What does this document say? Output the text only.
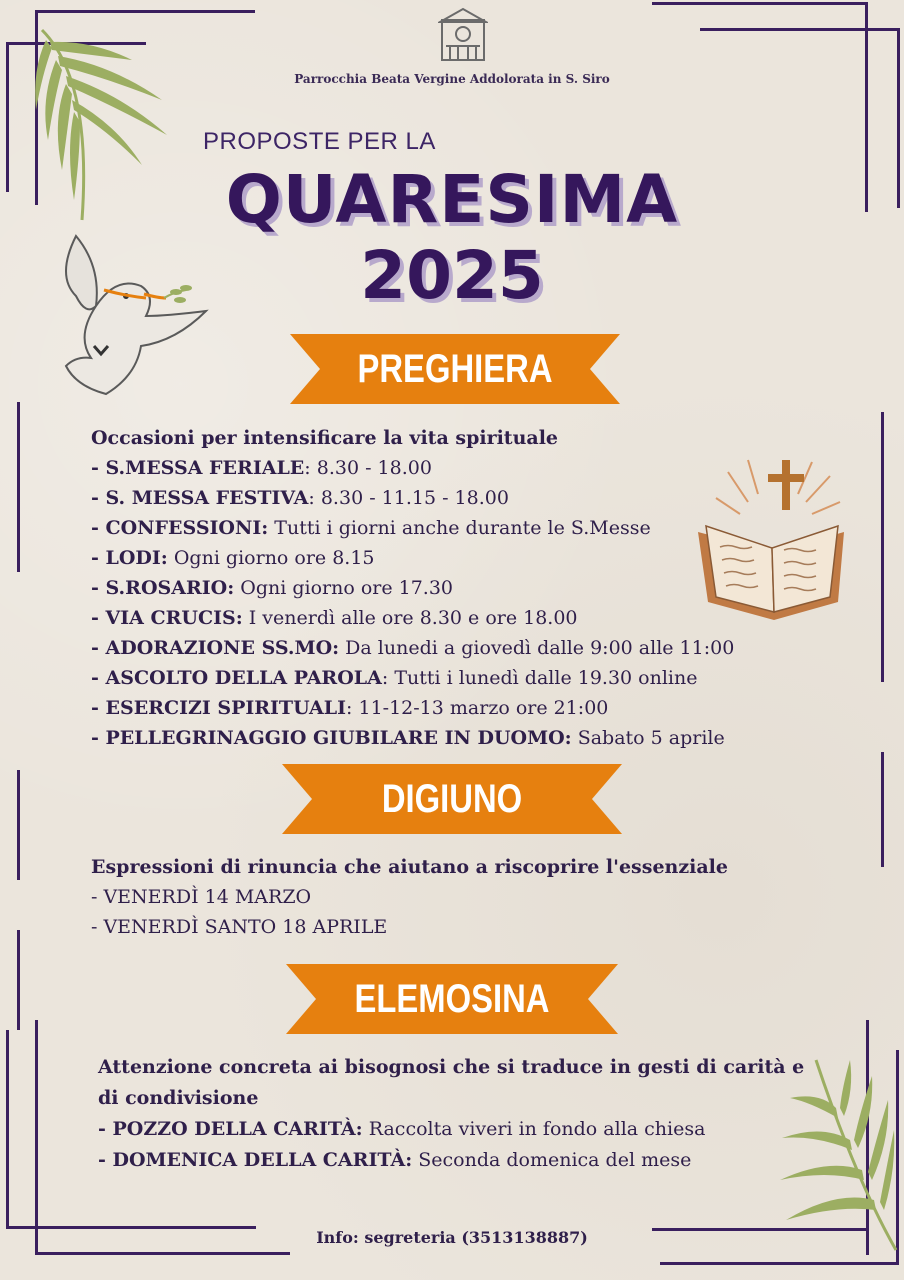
Parrocchia Beata Vergine Addolorata in S. Siro
PROPOSTE PER LA
QUARESIMA
2025
PREGHIERA
Occasioni per intensificare la vita spirituale
- S.MESSA FERIALE: 8.30 - 18.00
- S. MESSA FESTIVA: 8.30 - 11.15 - 18.00
- CONFESSIONI: Tutti i giorni anche durante le S.Messe
- LODI: Ogni giorno ore 8.15
- S.ROSARIO: Ogni giorno ore 17.30
- VIA CRUCIS: I venerdì alle ore 8.30 e ore 18.00
- ADORAZIONE SS.MO: Da lunedi a giovedì dalle 9:00 alle 11:00
- ASCOLTO DELLA PAROLA: Tutti i lunedì dalle 19.30 online
- ESERCIZI SPIRITUALI: 11-12-13 marzo ore 21:00
- PELLEGRINAGGIO GIUBILARE IN DUOMO: Sabato 5 aprile
DIGIUNO
Espressioni di rinuncia che aiutano a riscoprire l'essenziale
- VENERDÌ 14 MARZO
- VENERDÌ SANTO 18 APRILE
ELEMOSINA
Attenzione concreta ai bisognosi che si traduce in gesti di carità e
di condivisione
- POZZO DELLA CARITÀ: Raccolta viveri in fondo alla chiesa
- DOMENICA DELLA CARITÀ: Seconda domenica del mese
Info: segreteria (3513138887)
